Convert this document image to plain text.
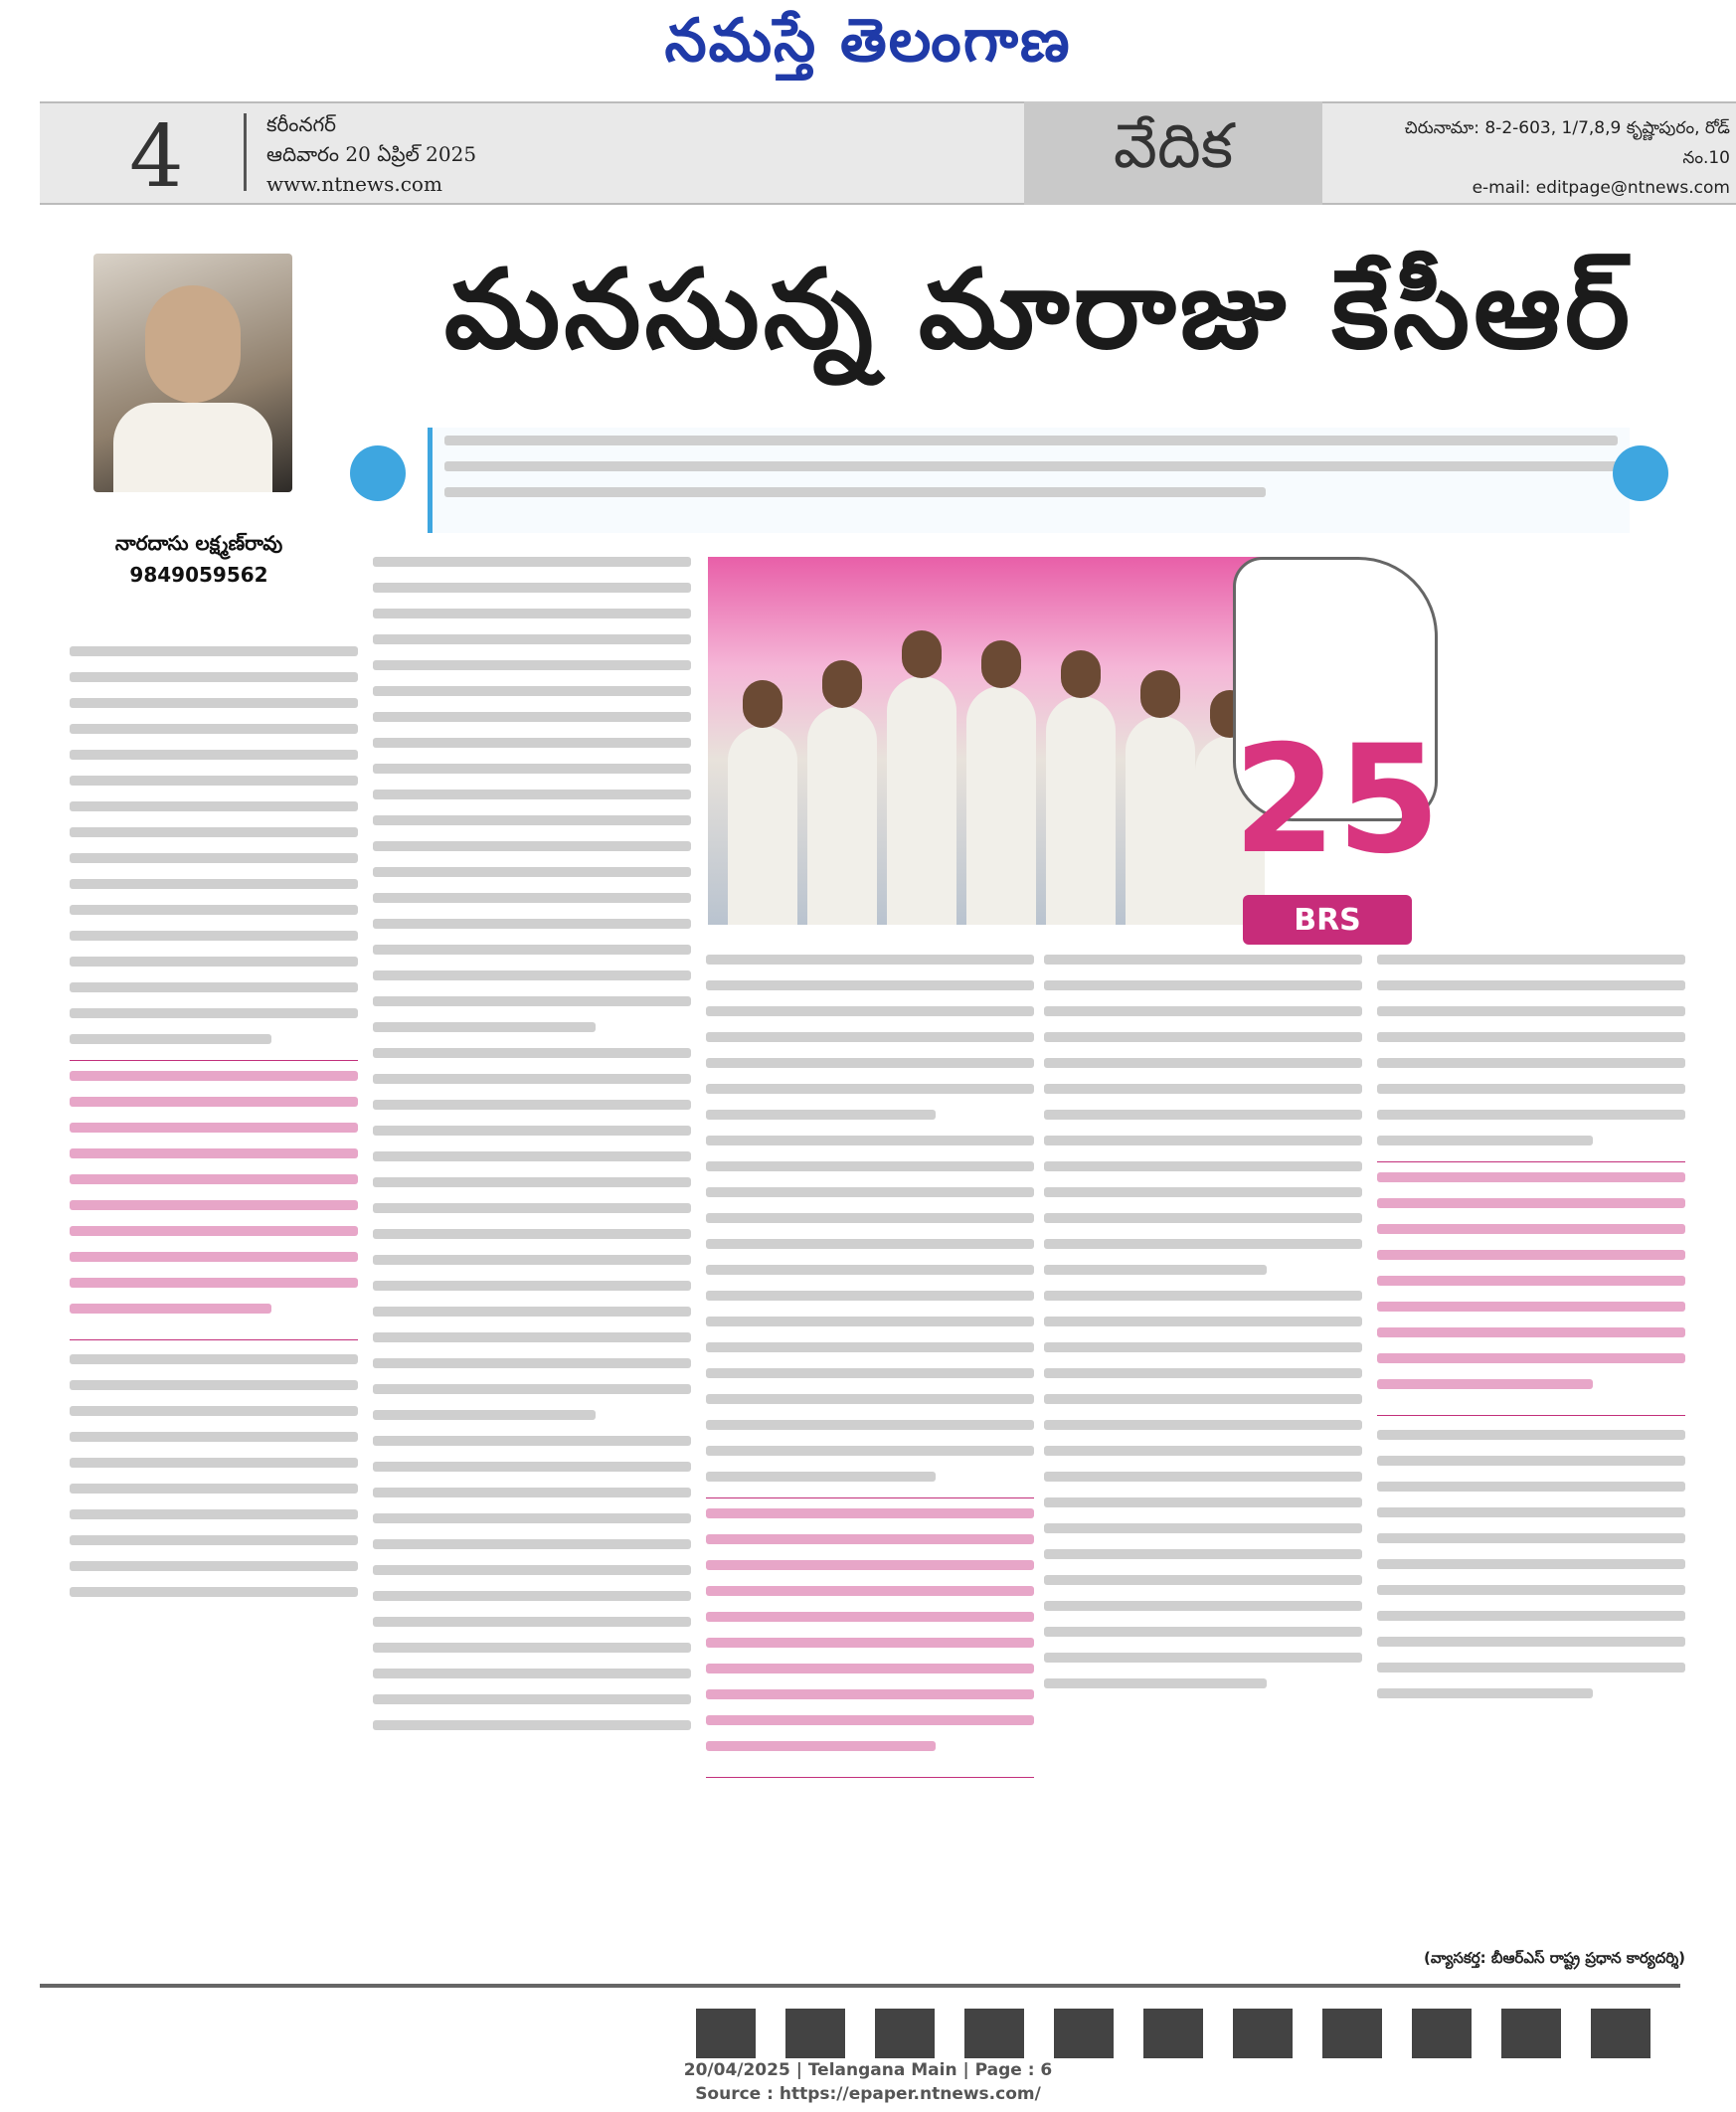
నమస్తే తెలంగాణ
4	కరీంనగర్
ఆదివారం 20 ఏప్రిల్ 2025
www.ntnews.com
వేదిక	చిరునామా: 8-2-603, 1/7,8,9 కృష్ణాపురం, రోడ్ నం.10
e-mail: editpage@ntnews.com
మనసున్న మారాజు కేసీఆర్
నారదాసు లక్ష్మణ్‌రావు
9849059562
25
BRS
(వ్యాసకర్త: బీఆర్‌ఎస్ రాష్ట్ర ప్రధాన కార్యదర్శి)
20/04/2025 | Telangana Main | Page : 6
Source : https://epaper.ntnews.com/
